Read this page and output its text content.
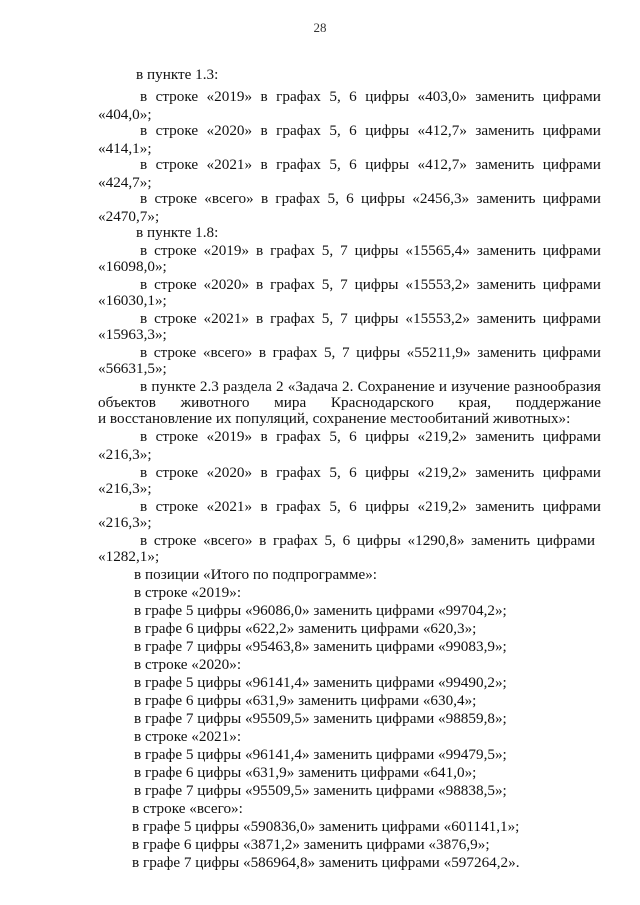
28
в пункте 1.3:
в строке «2019» в графах 5, 6 цифры «403,0» заменить цифрами
«404,0»;
в строке «2020» в графах 5, 6 цифры «412,7» заменить цифрами
«414,1»;
в строке «2021» в графах 5, 6 цифры «412,7» заменить цифрами
«424,7»;
в строке «всего» в графах 5, 6 цифры «2456,3» заменить цифрами
«2470,7»;
в пункте 1.8:
в строке «2019» в графах 5, 7 цифры «15565,4» заменить цифрами
«16098,0»;
в строке «2020» в графах 5, 7 цифры «15553,2» заменить цифрами
«16030,1»;
в строке «2021» в графах 5, 7 цифры «15553,2» заменить цифрами
«15963,3»;
в строке «всего» в графах 5, 7 цифры «55211,9» заменить цифрами
«56631,5»;
в пункте 2.3 раздела 2 «Задача 2. Сохранение и изучение разнообразия
объектов животного мира Краснодарского края, поддержание
и восстановление их популяций, сохранение местообитаний животных»:
в строке «2019» в графах 5, 6 цифры «219,2» заменить цифрами
«216,3»;
в строке «2020» в графах 5, 6 цифры «219,2» заменить цифрами
«216,3»;
в строке «2021» в графах 5, 6 цифры «219,2» заменить цифрами
«216,3»;
в строке «всего» в графах 5, 6 цифры «1290,8» заменить цифрами
«1282,1»;
в позиции «Итого по подпрограмме»:
в строке «2019»:
в графе 5 цифры «96086,0» заменить цифрами «99704,2»;
в графе 6 цифры «622,2» заменить цифрами «620,3»;
в графе 7 цифры «95463,8» заменить цифрами «99083,9»;
в строке «2020»:
в графе 5 цифры «96141,4» заменить цифрами «99490,2»;
в графе 6 цифры «631,9» заменить цифрами «630,4»;
в графе 7 цифры «95509,5» заменить цифрами «98859,8»;
в строке «2021»:
в графе 5 цифры «96141,4» заменить цифрами «99479,5»;
в графе 6 цифры «631,9» заменить цифрами «641,0»;
в графе 7 цифры «95509,5» заменить цифрами «98838,5»;
в строке «всего»:
в графе 5 цифры «590836,0» заменить цифрами «601141,1»;
в графе 6 цифры «3871,2» заменить цифрами «3876,9»;
в графе 7 цифры «586964,8» заменить цифрами «597264,2».
